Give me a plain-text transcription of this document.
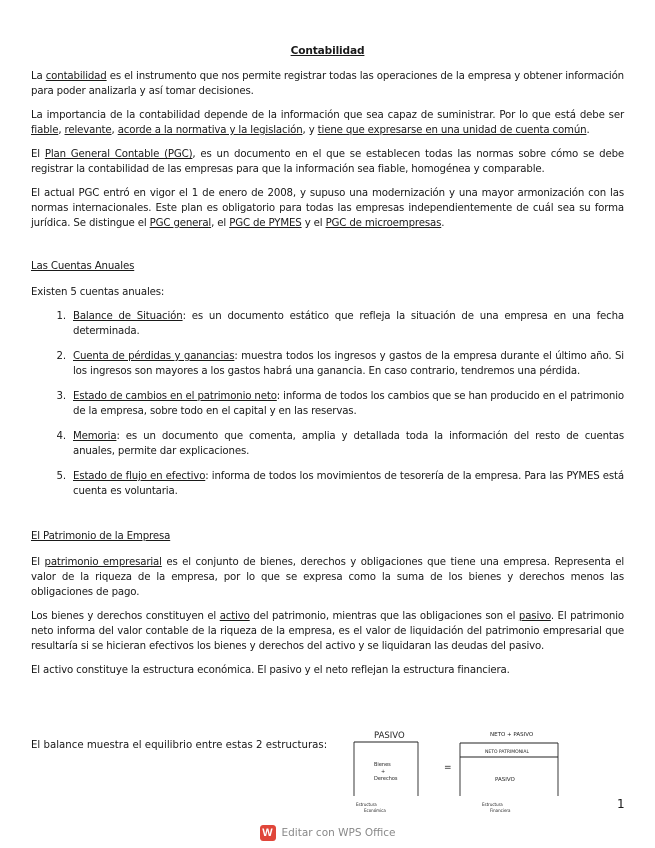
Contabilidad

La contabilidad es el instrumento que nos permite registrar todas las operaciones de la empresa y obtener información para poder analizarla y así tomar decisiones.

La importancia de la contabilidad depende de la información que sea capaz de suministrar. Por lo que está debe ser fiable, relevante, acorde a la normativa y la legislación, y tiene que expresarse en una unidad de cuenta común.

El Plan General Contable (PGC), es un documento en el que se establecen todas las normas sobre cómo se debe registrar la contabilidad de las empresas para que la información sea fiable, homogénea y comparable.

El actual PGC entró en vigor el 1 de enero de 2008, y supuso una modernización y una mayor armonización con las normas internacionales. Este plan es obligatorio para todas las empresas independientemente de cuál sea su forma jurídica. Se distingue el PGC general, el PGC de PYMES y el PGC de microempresas.

Las Cuentas Anuales

Existen 5 cuentas anuales:

1. Balance de Situación: es un documento estático que refleja la situación de una empresa en una fecha determinada.
2. Cuenta de pérdidas y ganancias: muestra todos los ingresos y gastos de la empresa durante el último año. Si los ingresos son mayores a los gastos habrá una ganancia. En caso contrario, tendremos una pérdida.
3. Estado de cambios en el patrimonio neto: informa de todos los cambios que se han producido en el patrimonio de la empresa, sobre todo en el capital y en las reservas.
4. Memoria: es un documento que comenta, amplia y detallada toda la información del resto de cuentas anuales, permite dar explicaciones.
5. Estado de flujo en efectivo: informa de todos los movimientos de tesorería de la empresa. Para las PYMES está cuenta es voluntaria.
El Patrimonio de la Empresa

El patrimonio empresarial es el conjunto de bienes, derechos y obligaciones que tiene una empresa. Representa el valor de la riqueza de la empresa, por lo que se expresa como la suma de los bienes y derechos menos las obligaciones de pago.

Los bienes y derechos constituyen el activo del patrimonio, mientras que las obligaciones son el pasivo. El patrimonio neto informa del valor contable de la riqueza de la empresa, es el valor de liquidación del patrimonio empresarial que resultaría si se hicieran efectivos los bienes y derechos del activo y se liquidaran las deudas del pasivo.

El activo constituye la estructura económica. El pasivo y el neto reflejan la estructura financiera.

El balance muestra el equilibrio entre estas 2 estructuras:
PASIVO
Bienes
+
Derechos
=
NETO + PASIVO
NETO PATRIMONIAL
PASIVO
Estructura
Económica
Estructura
Financiera	1
W Editar con WPS Office
